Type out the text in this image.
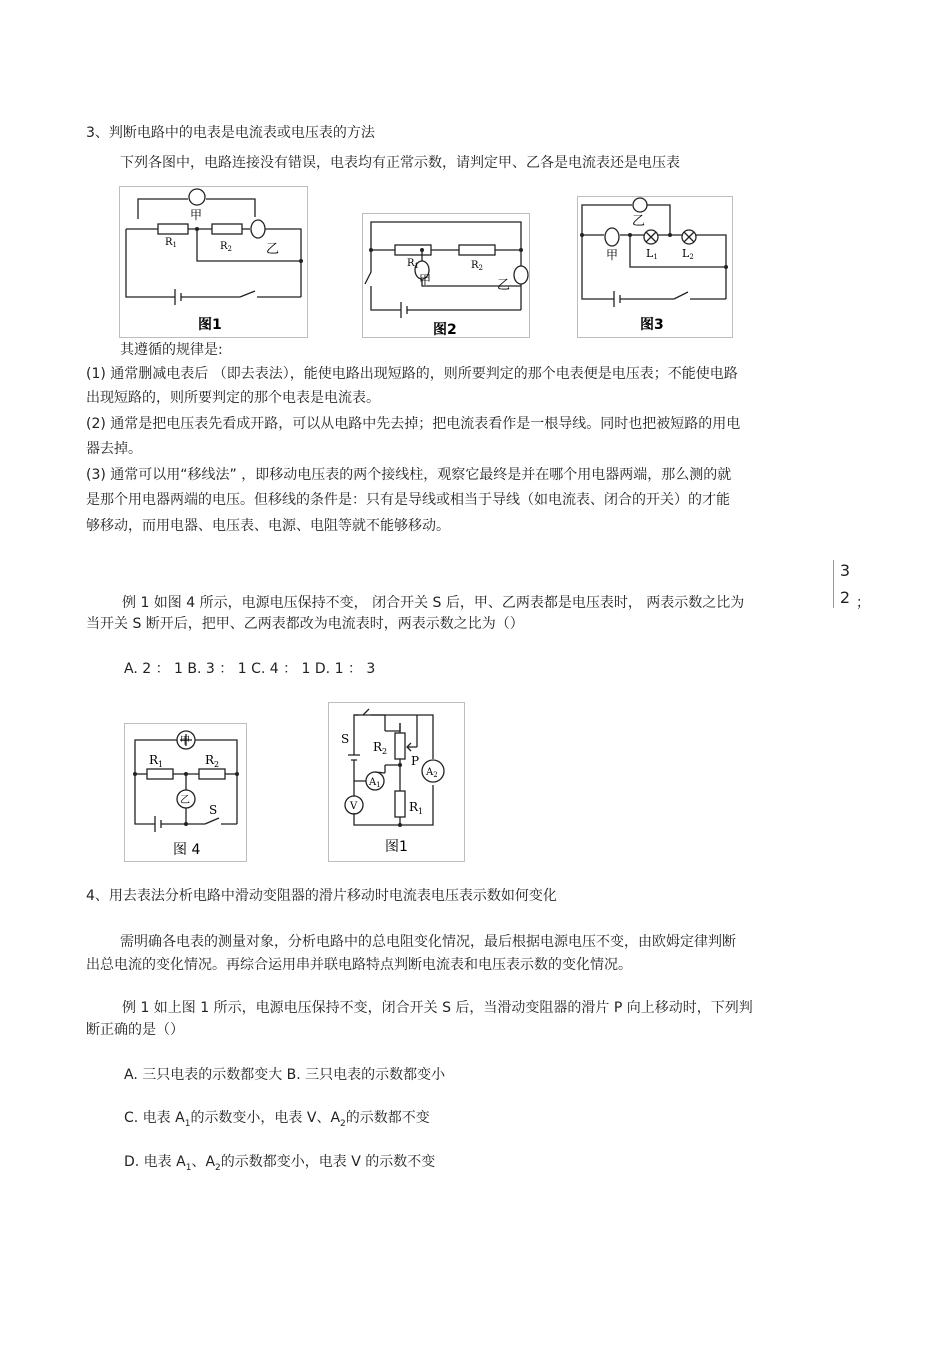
3、判断电路中的电表是电流表或电压表的方法
下列各图中，电路连接没有错误，电表均有正常示数，请判定甲、乙各是电流表还是电压表
甲
$R_1$	$R_2$	乙
图1
$R_1$	$R_2$
甲	乙
图2
乙
甲	L1 L2
图3
其遵循的规律是:
(1) 通常删减电表后 （即去表法），能使电路出现短路的，则所要判定的那个电表便是电压表；不能使电路
出现短路的，则所要判定的那个电表是电流表。
(2) 通常是把电压表先看成开路，可以从电路中先去掉；把电流表看作是一根导线。同时也把被短路的用电
器去掉。
(3) 通常可以用“移线法” ，即移动电压表的两个接线柱，观察它最终是并在哪个用电器两端，那么测的就
是那个用电器两端的电压。但移线的条件是：只有是导线或相当于导线（如电流表、闭合的开关）的才能
够移动，而用电器、电压表、电源、电阻等就不能够移动。
例 1 如图 4 所示，电源电压保持不变， 闭合开关 S 后，甲、乙两表都是电压表时， 两表示数之比为
3
2 ；
当开关 S 断开后，把甲、乙两表都改为电流表时，两表示数之比为（）
A. 2 ： 1 B. 3 ： 1 C. 4 ： 1 D. 1 ： 3
甲
乙
$R_1$	$R_2$
S
图 4
S
$R_2$
P
$A_1$
$A_2$
V	$R_1$
图1
4、用去表法分析电路中滑动变阻器的滑片移动时电流表电压表示数如何变化
需明确各电表的测量对象，分析电路中的总电阻变化情况，最后根据电源电压不变，由欧姆定律判断
出总电流的变化情况。再综合运用串并联电路特点判断电流表和电压表示数的变化情况。
例 1 如上图 1 所示，电源电压保持不变，闭合开关 S 后，当滑动变阻器的滑片 P 向上移动时，下列判
断正确的是（）
A. 三只电表的示数都变大 B. 三只电表的示数都变小
C. 电表 $A_1$的示数变小，电表 V、$A_2$的示数都不变
D. 电表 $A_1$、$A_2$的示数都变小，电表 V 的示数不变
